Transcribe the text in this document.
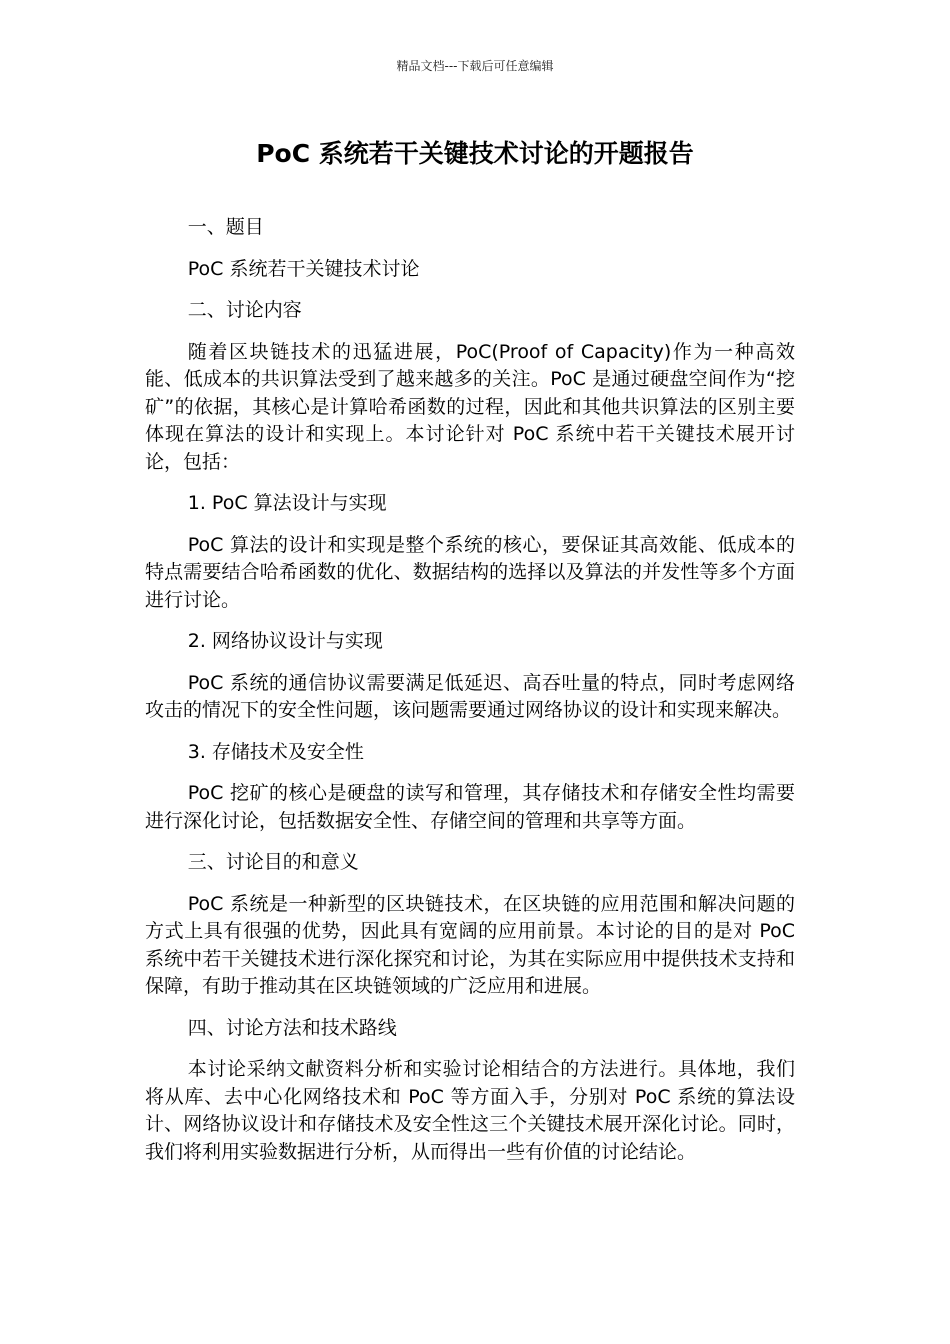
精品文档---下载后可任意编辑
PoC 系统若干关键技术讨论的开题报告

一、题目

PoC 系统若干关键技术讨论

二、讨论内容

随着区块链技术的迅猛进展，PoC(Proof of Capacity)作为一种高效能、低成本的共识算法受到了越来越多的关注。PoC 是通过硬盘空间作为“挖矿”的依据，其核心是计算哈希函数的过程，因此和其他共识算法的区别主要体现在算法的设计和实现上。本讨论针对 PoC 系统中若干关键技术展开讨论，包括：

1. PoC 算法设计与实现

PoC 算法的设计和实现是整个系统的核心，要保证其高效能、低成本的特点需要结合哈希函数的优化、数据结构的选择以及算法的并发性等多个方面进行讨论。

2. 网络协议设计与实现

PoC 系统的通信协议需要满足低延迟、高吞吐量的特点，同时考虑网络攻击的情况下的安全性问题，该问题需要通过网络协议的设计和实现来解决。

3. 存储技术及安全性

PoC 挖矿的核心是硬盘的读写和管理，其存储技术和存储安全性均需要进行深化讨论，包括数据安全性、存储空间的管理和共享等方面。

三、讨论目的和意义

PoC 系统是一种新型的区块链技术，在区块链的应用范围和解决问题的方式上具有很强的优势，因此具有宽阔的应用前景。本讨论的目的是对 PoC 系统中若干关键技术进行深化探究和讨论，为其在实际应用中提供技术支持和保障，有助于推动其在区块链领域的广泛应用和进展。

四、讨论方法和技术路线

本讨论采纳文献资料分析和实验讨论相结合的方法进行。具体地，我们将从库、去中心化网络技术和 PoC 等方面入手，分别对 PoC 系统的算法设计、网络协议设计和存储技术及安全性这三个关键技术展开深化讨论。同时，我们将利用实验数据进行分析，从而得出一些有价值的讨论结论。
